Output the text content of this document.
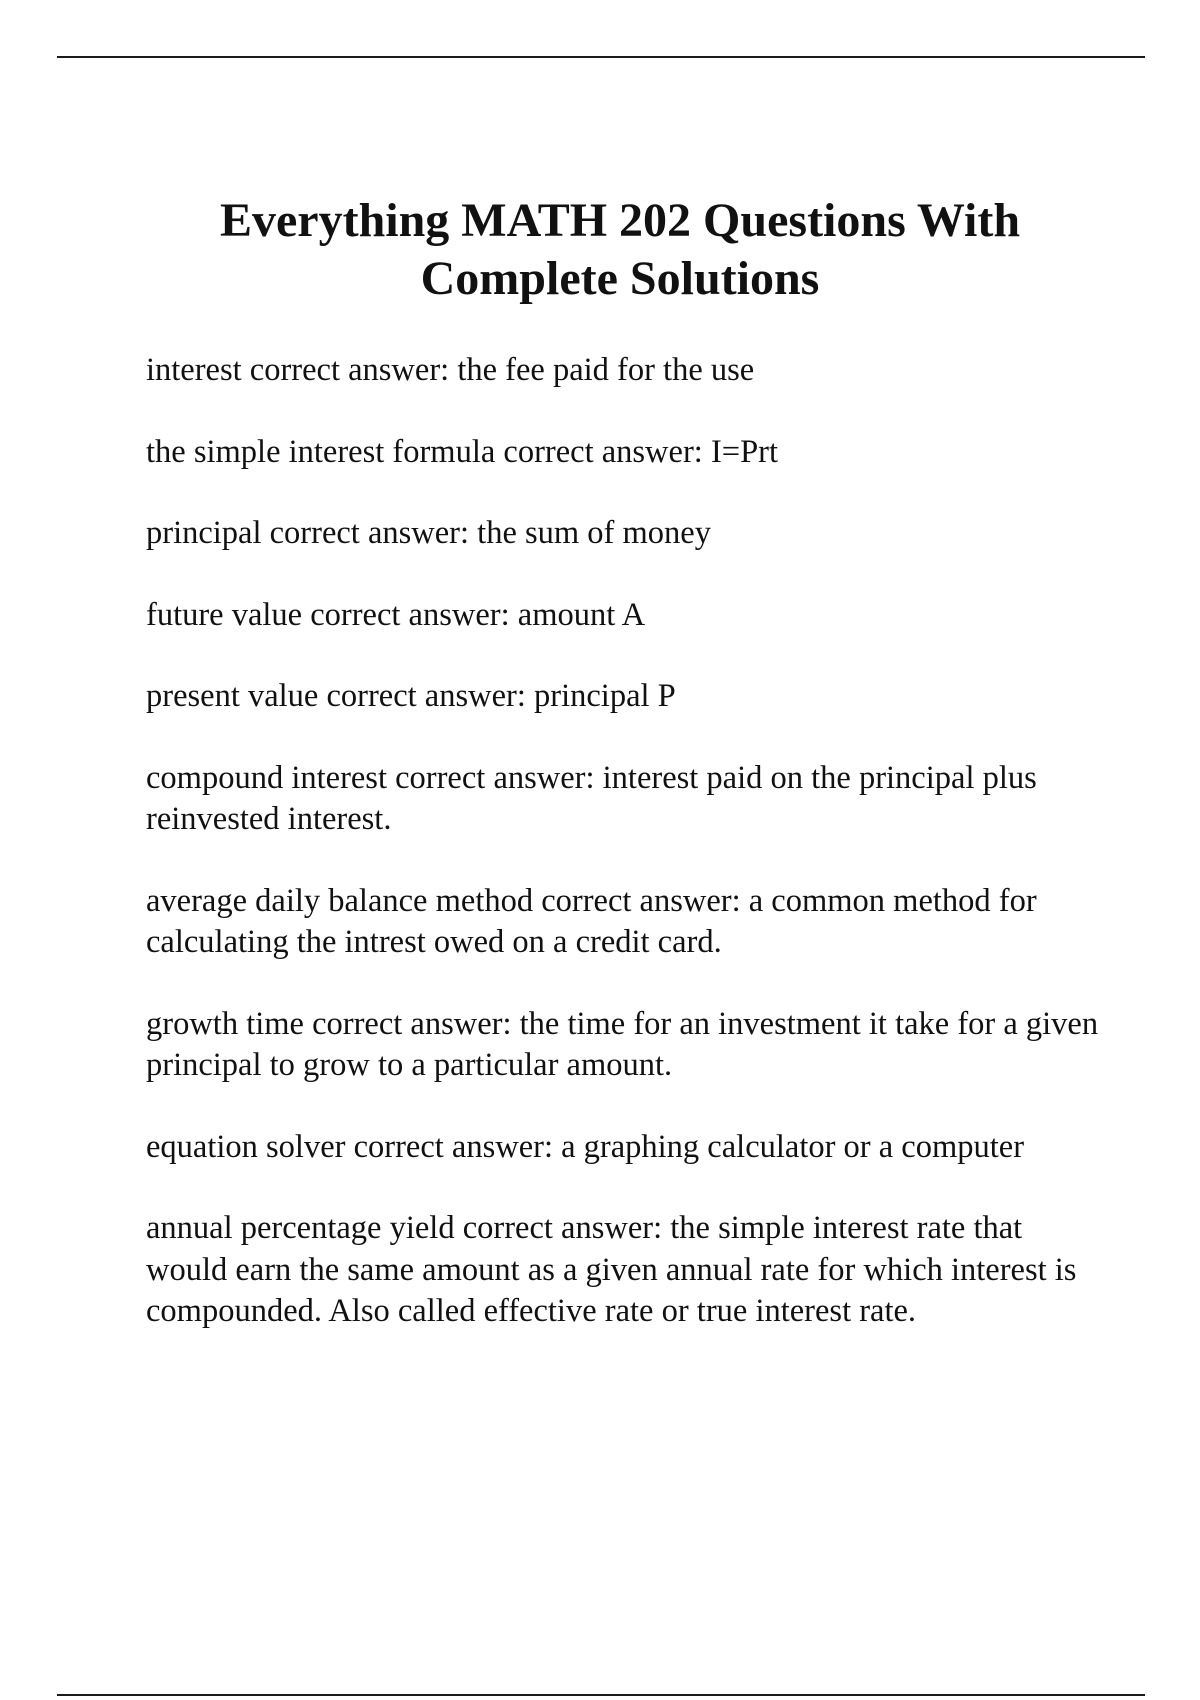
Everything MATH 202 Questions With
Complete Solutions

interest correct answer: the fee paid for the use

the simple interest formula correct answer: I=Prt

principal correct answer: the sum of money

future value correct answer: amount A

present value correct answer: principal P

compound interest correct answer: interest paid on the principal plus reinvested interest.

average daily balance method correct answer: a common method for calculating the intrest owed on a credit card.

growth time correct answer: the time for an investment it take for a given principal to grow to a particular amount.

equation solver correct answer: a graphing calculator or a computer

annual percentage yield correct answer: the simple interest rate that would earn the same amount as a given annual rate for which interest is compounded. Also called effective rate or true interest rate.
